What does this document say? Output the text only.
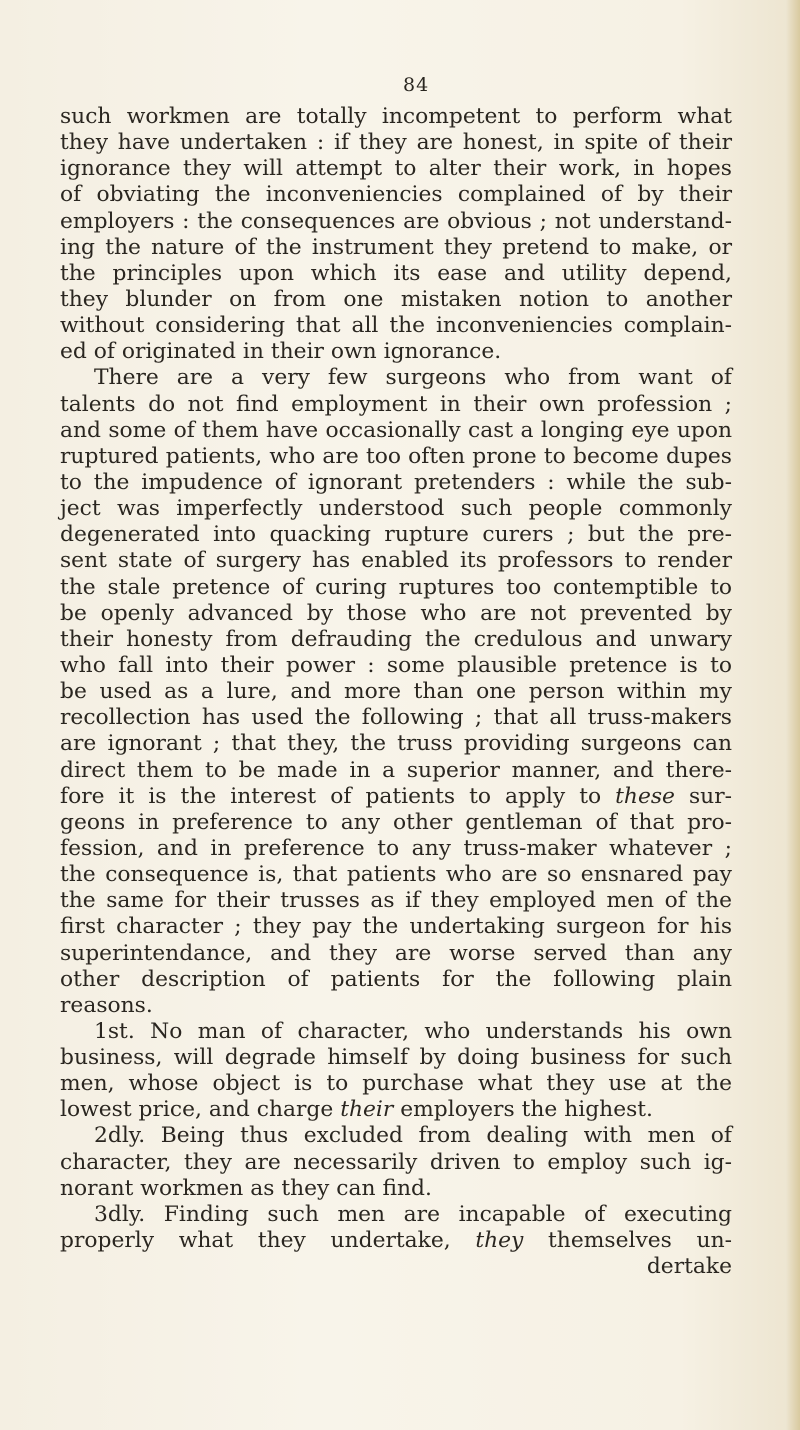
84
such workmen are totally incompetent to perform what
they have undertaken : if they are honest, in spite of their
ignorance they will attempt to alter their work, in hopes
of obviating the inconveniencies complained of by their
employers : the consequences are obvious ; not understand-
ing the nature of the instrument they pretend to make, or
the principles upon which its ease and utility depend,
they blunder on from one mistaken notion to another
without considering that all the inconveniencies complain-
ed of originated in their own ignorance.
There are a very few surgeons who from want of
talents do not find employment in their own profession ;
and some of them have occasionally cast a longing eye upon
ruptured patients, who are too often prone to become dupes
to the impudence of ignorant pretenders : while the sub-
ject was imperfectly understood such people commonly
degenerated into quacking rupture curers ; but the pre-
sent state of surgery has enabled its professors to render
the stale pretence of curing ruptures too contemptible to
be openly advanced by those who are not prevented by
their honesty from defrauding the credulous and unwary
who fall into their power : some plausible pretence is to
be used as a lure, and more than one person within my
recollection has used the following ; that all truss-makers
are ignorant ; that they, the truss providing surgeons can
direct them to be made in a superior manner, and there-
fore it is the interest of patients to apply to these sur-
geons in preference to any other gentleman of that pro-
fession, and in preference to any truss-maker whatever ;
the consequence is, that patients who are so ensnared pay
the same for their trusses as if they employed men of the
first character ; they pay the undertaking surgeon for his
superintendance, and they are worse served than any
other description of patients for the following plain
reasons.
1st. No man of character, who understands his own
business, will degrade himself by doing business for such
men, whose object is to purchase what they use at the
lowest price, and charge their employers the highest.
2dly. Being thus excluded from dealing with men of
character, they are necessarily driven to employ such ig-
norant workmen as they can find.
3dly. Finding such men are incapable of executing
properly what they undertake, they themselves un-
dertake
